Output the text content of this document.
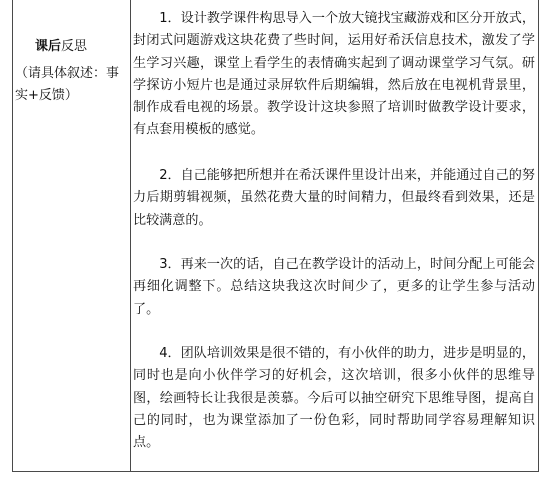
课后反思
（请具体叙述：事实+反馈）
1．设计教学课件构思导入一个放大镜找宝藏游戏和区分开放式，封闭式问题游戏这块花费了些时间，运用好希沃信息技术，激发了学生学习兴趣，课堂上看学生的表情确实起到了调动课堂学习气氛。研学探访小短片也是通过录屏软件后期编辑，然后放在电视机背景里，制作成看电视的场景。教学设计这块参照了培训时做教学设计要求，有点套用模板的感觉。
2．自己能够把所想并在希沃课件里设计出来，并能通过自己的努力后期剪辑视频，虽然花费大量的时间精力，但最终看到效果，还是比较满意的。
3．再来一次的话，自己在教学设计的活动上，时间分配上可能会再细化调整下。总结这块我这次时间少了，更多的让学生参与活动了。
4．团队培训效果是很不错的，有小伙伴的助力，进步是明显的，同时也是向小伙伴学习的好机会，这次培训，很多小伙伴的思维导图，绘画特长让我很是羡慕。今后可以抽空研究下思维导图，提高自己的同时，也为课堂添加了一份色彩，同时帮助同学容易理解知识点。
